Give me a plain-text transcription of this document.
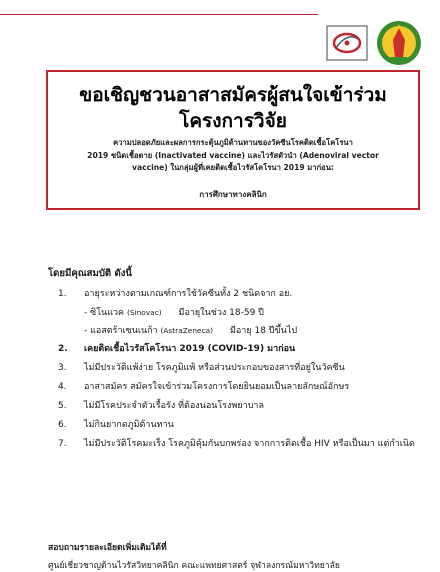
ขอเชิญชวนอาสาสมัครผู้สนใจเข้าร่วม
โครงการวิจัย
ความปลอดภัยและผลการกระตุ้นภูมิต้านทานของวัคซีนโรคติดเชื้อโคโรนา
2019 ชนิดเชื้อตาย (Inactivated vaccine) และไวรัสตัวนำ (Adenoviral vector
vaccine) ในกลุ่มผู้ที่เคยติดเชื้อไวรัสโคโรนา 2019 มาก่อน:
การศึกษาทางคลินิก
โดยมีคุณสมบัติ ดังนี้
1.	อายุระหว่างตามเกณฑ์การใช้วัคซีนทั้ง 2 ชนิดจาก อย.
- ซิโนแวค (Sinovac) มีอายุในช่วง 18-59 ปี
- แอสตร้าเซนเนก้า (AstraZeneca) มีอายุ 18 ปีขึ้นไป
2.	เคยติดเชื้อไวรัสโคโรนา 2019 (COVID-19) มาก่อน
3.	ไม่มีประวัติแพ้ง่าย โรคภูมิแพ้ หรือส่วนประกอบของสารที่อยู่ในวัคซีน
4.	อาสาสมัคร สมัครใจเข้าร่วมโครงการโดยยินยอมเป็นลายลักษณ์อักษร
5.	ไม่มีโรคประจำตัวเรื้อรัง ที่ต้องนอนโรงพยาบาล
6.	ไม่กินยากดภูมิต้านทาน
7.	ไม่มีประวัติโรคมะเร็ง โรคภูมิคุ้มกันบกพร่อง จากการติดเชื้อ HIV หรือเป็นมา แต่กำเนิด
สอบถามรายละเอียดเพิ่มเติมได้ที่
ศูนย์เชี่ยวชาญด้านไวรัสวิทยาคลินิก คณะแพทยศาสตร์ จุฬาลงกรณ์มหาวิทยาลัย
